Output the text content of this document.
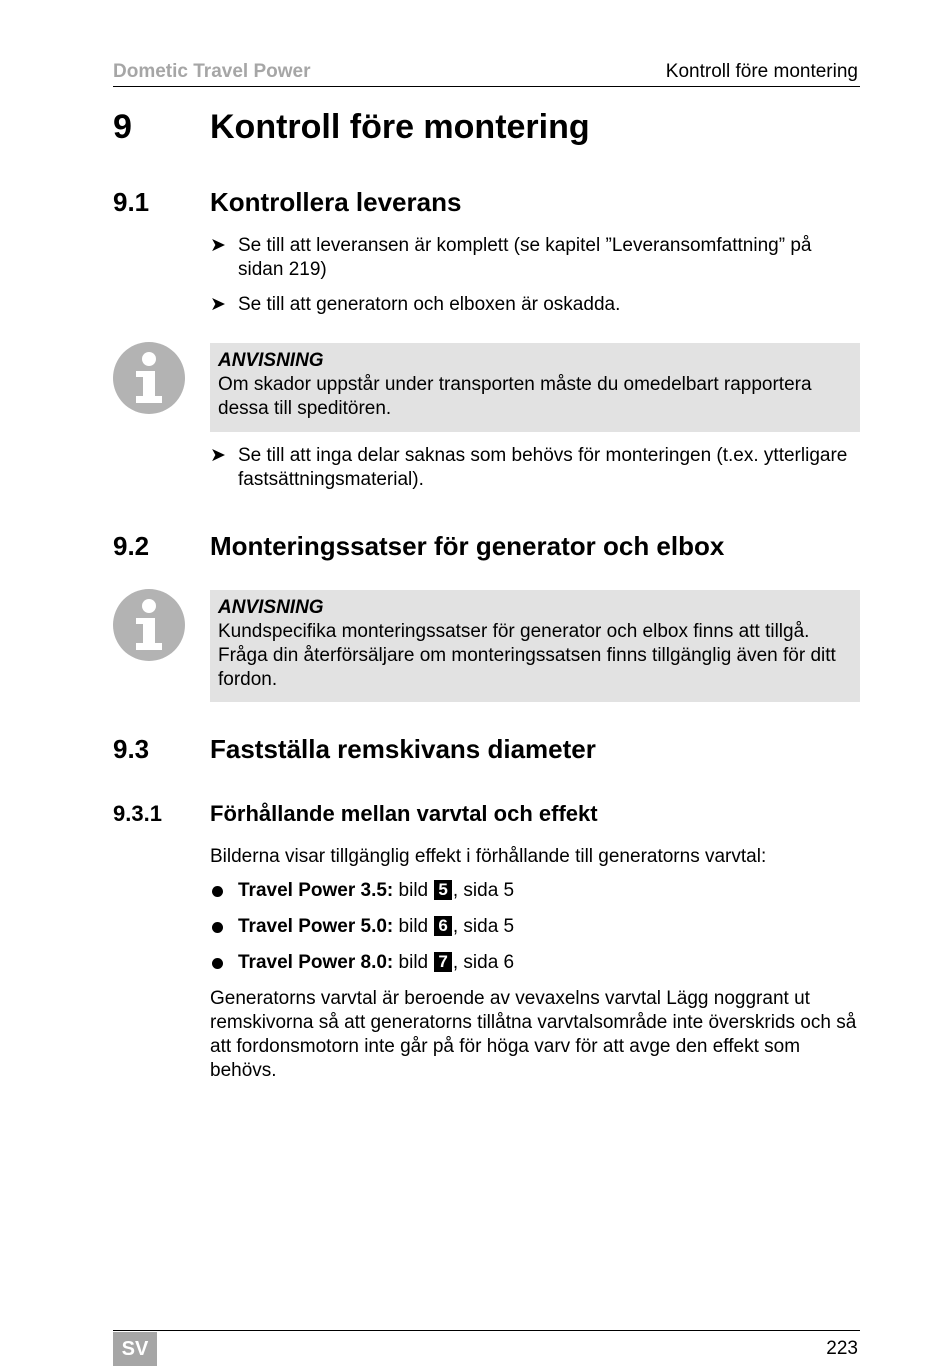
Dometic Travel Power	Kontroll före montering
9 Kontroll före montering
9.1 Kontrollera leverans
➤ Se till att leveransen är komplett (se kapitel ”Leveransomfattning” på sidan 219)
➤ Se till att generatorn och elboxen är oskadda.
ANVISNING
Om skador uppstår under transporten måste du omedelbart rapportera dessa till speditören.
➤ Se till att inga delar saknas som behövs för monteringen (t.ex. ytterligare fastsättningsmaterial).
9.2 Monteringssatser för generator och elbox
ANVISNING
Kundspecifika monteringssatser för generator och elbox finns att tillgå. Fråga din återförsäljare om monteringssatsen finns tillgänglig även för ditt fordon.
9.3 Fastställa remskivans diameter
9.3.1 Förhållande mellan varvtal och effekt
Bilderna visar tillgänglig effekt i förhållande till generatorns varvtal:
Travel Power 3.5: bild 5 , sida 5
Travel Power 5.0: bild 6 , sida 5
Travel Power 8.0: bild 7 , sida 6
Generatorns varvtal är beroende av vevaxelns varvtal Lägg noggrant ut remskivorna så att generatorns tillåtna varvtalsområde inte överskrids och så att fordonsmotorn inte går på för höga varv för att avge den effekt som behövs.
SV	223
